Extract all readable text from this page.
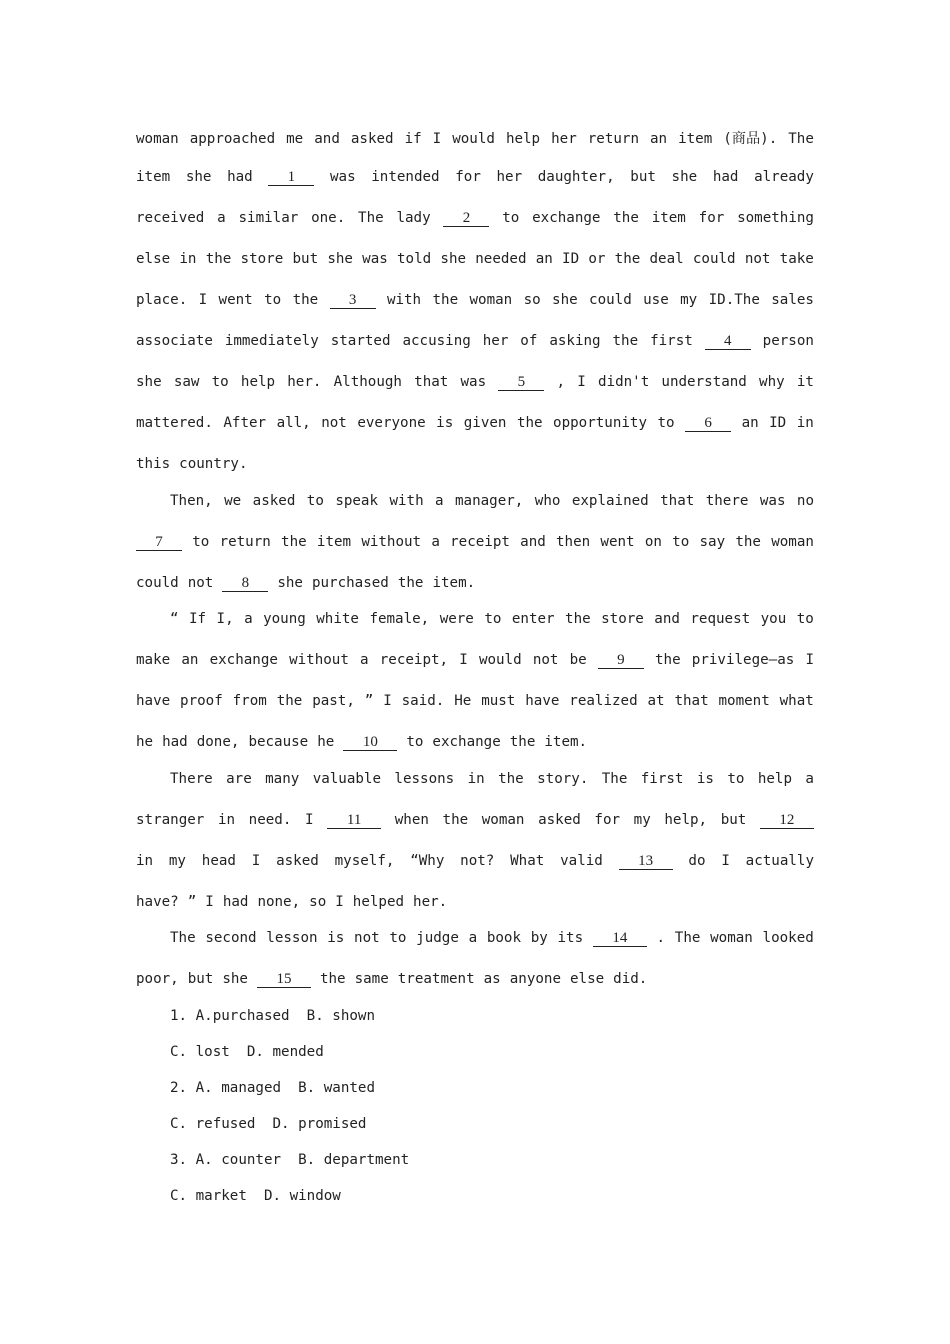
woman approached me and asked if I would help her return an item (商品). The
item she had	1	was intended for her daughter, but she had already
received a similar one. The lady	2	to exchange the item for something
else in the store but she was told she needed an ID or the deal could not take
place. I went to the	3	with the woman so she could use my ID.The sales
associate immediately started accusing her of asking the first	4	person
she saw to help her. Although that was	5	, I didn't understand why it
mattered. After all, not everyone is given the opportunity to	6	an ID in
this country.
Then, we asked to speak with a manager, who explained that there was no
7	to return the item without a receipt and then went on to say the woman
could not	8	she purchased the item.
“ If I, a young white female, were to enter the store and request you to
make an exchange without a receipt, I would not be	9	the privilege—as I
have proof from the past, ” I said. He must have realized at that moment what
he had done, because he	10	to exchange the item.
There are many valuable lessons in the story. The first is to help a
stranger in need. I	11	when the woman asked for my help, but	12
in my head I asked myself, “Why not? What valid	13	do I actually
have? ” I had none, so I helped her.
The second lesson is not to judge a book by its	14	. The woman looked
poor, but she	15	the same treatment as anyone else did.
1. A.purchased  B. shown
C. lost  D. mended
2. A. managed  B. wanted
C. refused  D. promised
3. A. counter  B. department
C. market  D. window
